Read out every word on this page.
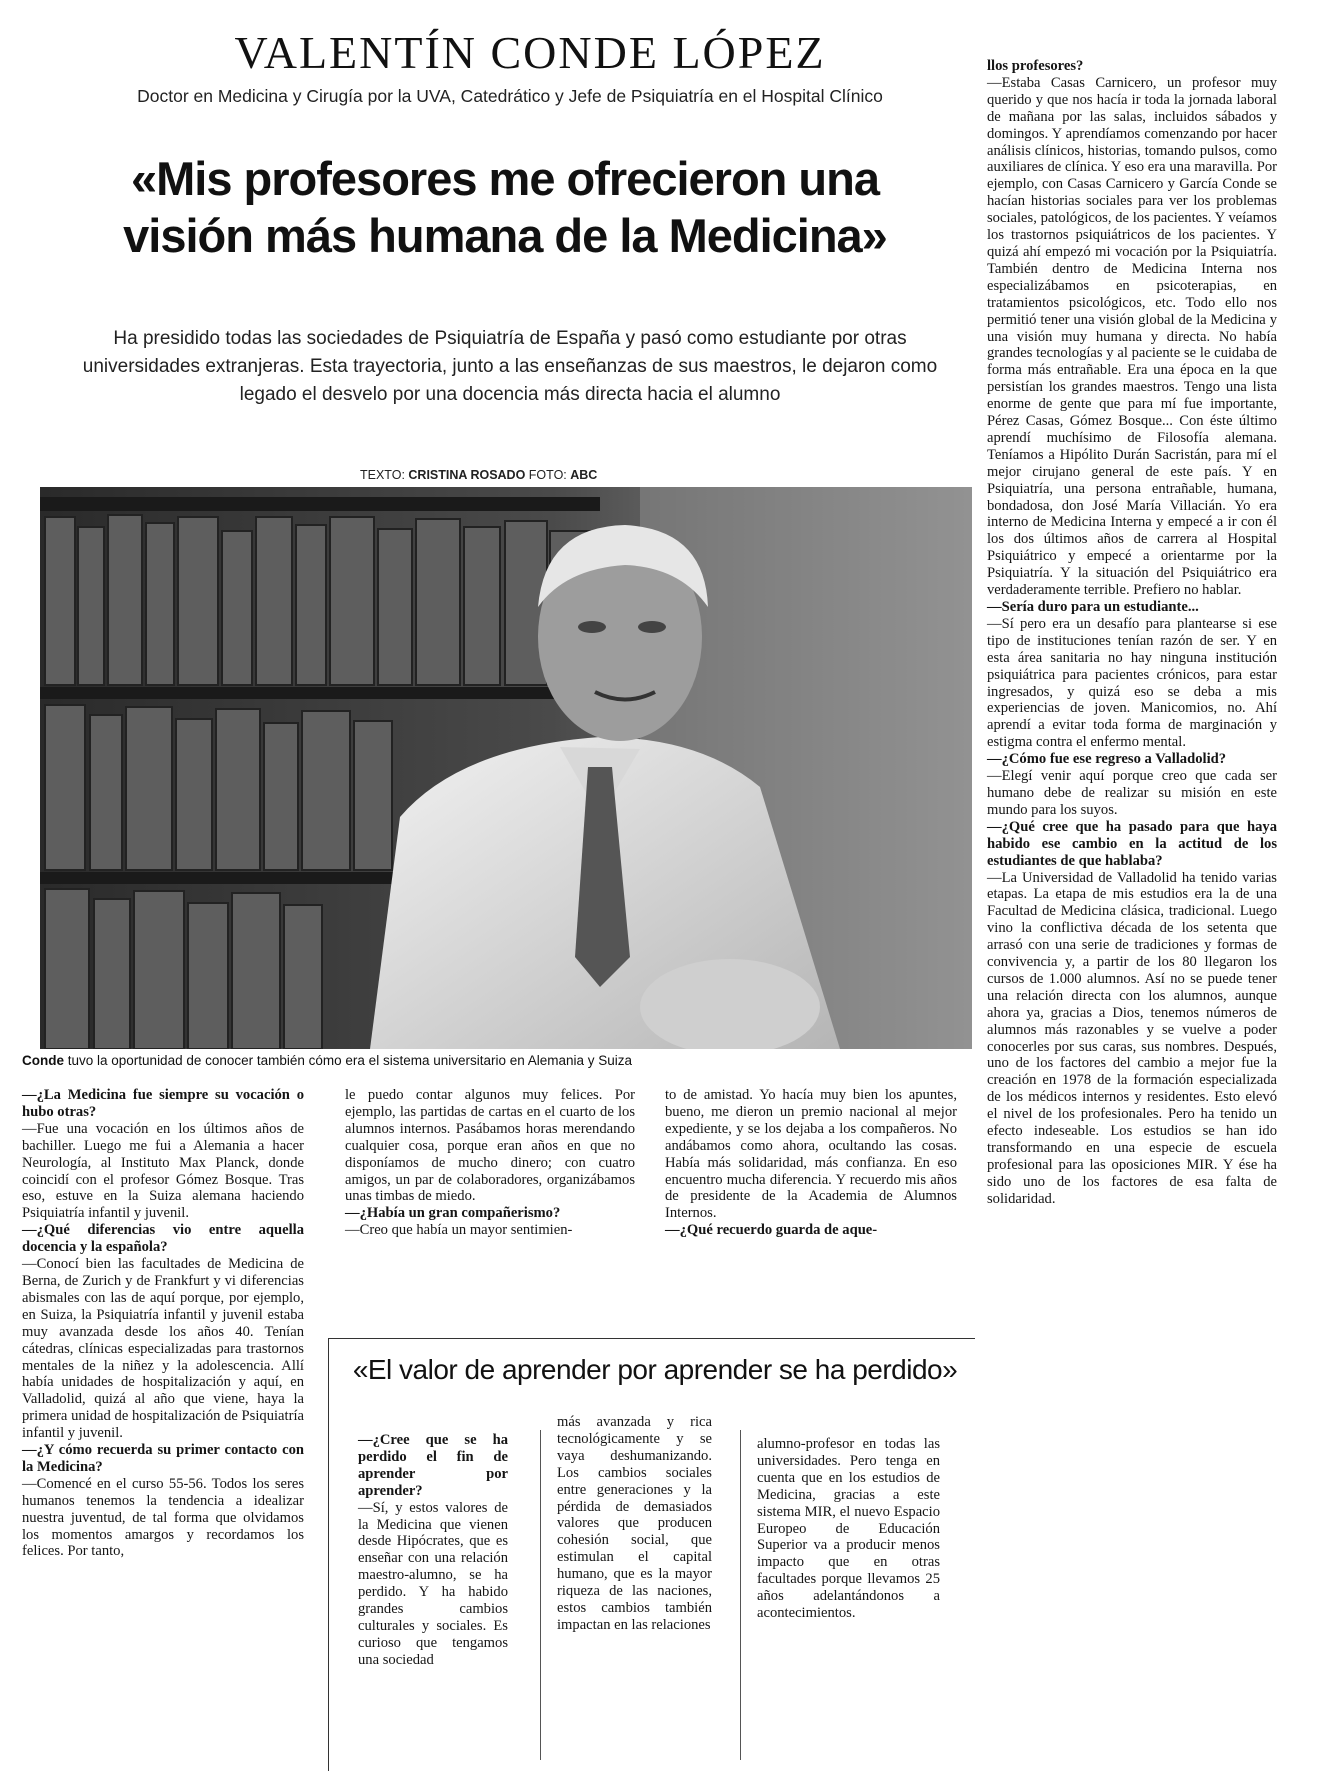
VALENTÍN CONDE LÓPEZ
Doctor en Medicina y Cirugía por la UVA, Catedrático y Jefe de Psiquiatría en el Hospital Clínico
«Mis profesores me ofrecieron una visión más humana de la Medicina»
Ha presidido todas las sociedades de Psiquiatría de España y pasó como estudiante por otras universidades extranjeras. Esta trayectoria, junto a las enseñanzas de sus maestros, le dejaron como legado el desvelo por una docencia más directa hacia el alumno
TEXTO: CRISTINA ROSADO FOTO: ABC
Conde tuvo la oportunidad de conocer también cómo era el sistema universitario en Alemania y Suiza

—¿La Medicina fue siempre su vocación o hubo otras?

—Fue una vocación en los últimos años de bachiller. Luego me fui a Alemania a hacer Neurología, al Instituto Max Planck, donde coincidí con el profesor Gómez Bosque. Tras eso, estuve en la Suiza alemana haciendo Psiquiatría infantil y juvenil.

—¿Qué diferencias vio entre aquella docencia y la española?

—Conocí bien las facultades de Medicina de Berna, de Zurich y de Frankfurt y vi diferencias abismales con las de aquí porque, por ejemplo, en Suiza, la Psiquiatría infantil y juvenil estaba muy avanzada desde los años 40. Tenían cátedras, clínicas especializadas para trastornos mentales de la niñez y la adolescencia. Allí había unidades de hospitalización y aquí, en Valladolid, quizá al año que viene, haya la primera unidad de hospitalización de Psiquiatría infantil y juvenil.

—¿Y cómo recuerda su primer contacto con la Medicina?

—Comencé en el curso 55-56. Todos los seres humanos tenemos la tendencia a idealizar nuestra juventud, de tal forma que olvidamos los momentos amargos y recordamos los felices. Por tanto,

le puedo contar algunos muy felices. Por ejemplo, las partidas de cartas en el cuarto de los alumnos internos. Pasábamos horas merendando cualquier cosa, porque eran años en que no disponíamos de mucho dinero; con cuatro amigos, un par de colaboradores, organizábamos unas timbas de miedo.

—¿Había un gran compañerismo?

—Creo que había un mayor sentimien-

to de amistad. Yo hacía muy bien los apuntes, bueno, me dieron un premio nacional al mejor expediente, y se los dejaba a los compañeros. No andábamos como ahora, ocultando las cosas. Había más solidaridad, más confianza. En eso encuentro mucha diferencia. Y recuerdo mis años de presidente de la Academia de Alumnos Internos.

—¿Qué recuerdo guarda de aque-

llos profesores?

—Estaba Casas Carnicero, un profesor muy querido y que nos hacía ir toda la jornada laboral de mañana por las salas, incluidos sábados y domingos. Y aprendíamos comenzando por hacer análisis clínicos, historias, tomando pulsos, como auxiliares de clínica. Y eso era una maravilla. Por ejemplo, con Casas Carnicero y García Conde se hacían historias sociales para ver los problemas sociales, patológicos, de los pacientes. Y veíamos los trastornos psiquiátricos de los pacientes. Y quizá ahí empezó mi vocación por la Psiquiatría. También dentro de Medicina Interna nos especializábamos en psicoterapias, en tratamientos psicológicos, etc. Todo ello nos permitió tener una visión global de la Medicina y una visión muy humana y directa. No había grandes tecnologías y al paciente se le cuidaba de forma más entrañable. Era una época en la que persistían los grandes maestros. Tengo una lista enorme de gente que para mí fue importante, Pérez Casas, Gómez Bosque... Con éste último aprendí muchísimo de Filosofía alemana. Teníamos a Hipólito Durán Sacristán, para mí el mejor cirujano general de este país. Y en Psiquiatría, una persona entrañable, humana, bondadosa, don José María Villacián. Yo era interno de Medicina Interna y empecé a ir con él los dos últimos años de carrera al Hospital Psiquiátrico y empecé a orientarme por la Psiquiatría. Y la situación del Psiquiátrico era verdaderamente terrible. Prefiero no hablar.

—Sería duro para un estudiante...

—Sí pero era un desafío para plantearse si ese tipo de instituciones tenían razón de ser. Y en esta área sanitaria no hay ninguna institución psiquiátrica para pacientes crónicos, para estar ingresados, y quizá eso se deba a mis experiencias de joven. Manicomios, no. Ahí aprendí a evitar toda forma de marginación y estigma contra el enfermo mental.

—¿Cómo fue ese regreso a Valladolid?

—Elegí venir aquí porque creo que cada ser humano debe de realizar su misión en este mundo para los suyos.

—¿Qué cree que ha pasado para que haya habido ese cambio en la actitud de los estudiantes de que hablaba?

—La Universidad de Valladolid ha tenido varias etapas. La etapa de mis estudios era la de una Facultad de Medicina clásica, tradicional. Luego vino la conflictiva década de los setenta que arrasó con una serie de tradiciones y formas de convivencia y, a partir de los 80 llegaron los cursos de 1.000 alumnos. Así no se puede tener una relación directa con los alumnos, aunque ahora ya, gracias a Dios, tenemos números de alumnos más razonables y se vuelve a poder conocerles por sus caras, sus nombres. Después, uno de los factores del cambio a mejor fue la creación en 1978 de la formación especializada de los médicos internos y residentes. Esto elevó el nivel de los profesionales. Pero ha tenido un efecto indeseable. Los estudios se han ido transformando en una especie de escuela profesional para las oposiciones MIR. Y ése ha sido uno de los factores de esa falta de solidaridad.

«El valor de aprender por aprender se ha perdido»

—¿Cree que se ha perdido el fin de aprender por aprender?

—Sí, y estos valores de la Medicina que vienen desde Hipócrates, que es enseñar con una relación maestro-alumno, se ha perdido. Y ha habido grandes cambios culturales y sociales. Es curioso que tengamos una sociedad

más avanzada y rica tecnológicamente y se vaya deshumanizando. Los cambios sociales entre generaciones y la pérdida de demasiados valores que producen cohesión social, que estimulan el capital humano, que es la mayor riqueza de las naciones, estos cambios también impactan en las relaciones

alumno-profesor en todas las universidades. Pero tenga en cuenta que en los estudios de Medicina, gracias a este sistema MIR, el nuevo Espacio Europeo de Educación Superior va a producir menos impacto que en otras facultades porque llevamos 25 años adelantándonos a acontecimientos.
